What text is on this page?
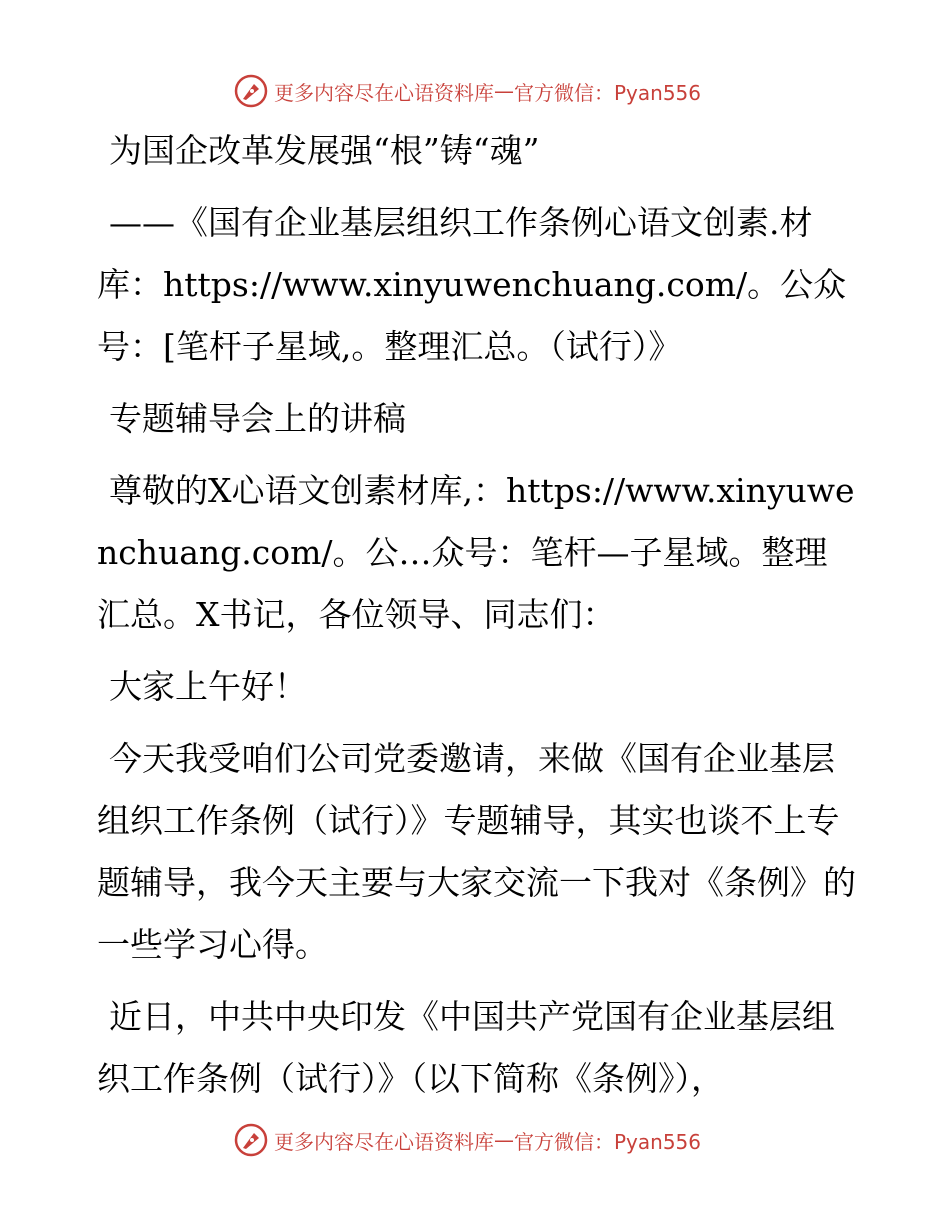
更多内容尽在心语资料库 — 官方微信：Pyan556

为国企改革发展强“根”铸“魂”

——《国有企业基层组织工作条例心语文创素.材库：https://www.xinyuwenchuang.com/。公众号：[笔杆子星域,。整理汇总。（试行）》

专题辅导会上的讲稿

尊敬的X心语文创素材库,：https://www.xinyuwenchuang.com/。公…众号：笔杆—子星域。整理汇总。X书记，各位领导、同志们：

大家上午好！

今天我受咱们公司党委邀请，来做《国有企业基层组织工作条例（试行）》专题辅导，其实也谈不上专题辅导，我今天主要与大家交流一下我对《条例》的一些学习心得。

近日，中共中央印发《中国共产党国有企业基层组织工作条例（试行）》（以下简称《条例》），

更多内容尽在心语资料库 — 官方微信：Pyan556
